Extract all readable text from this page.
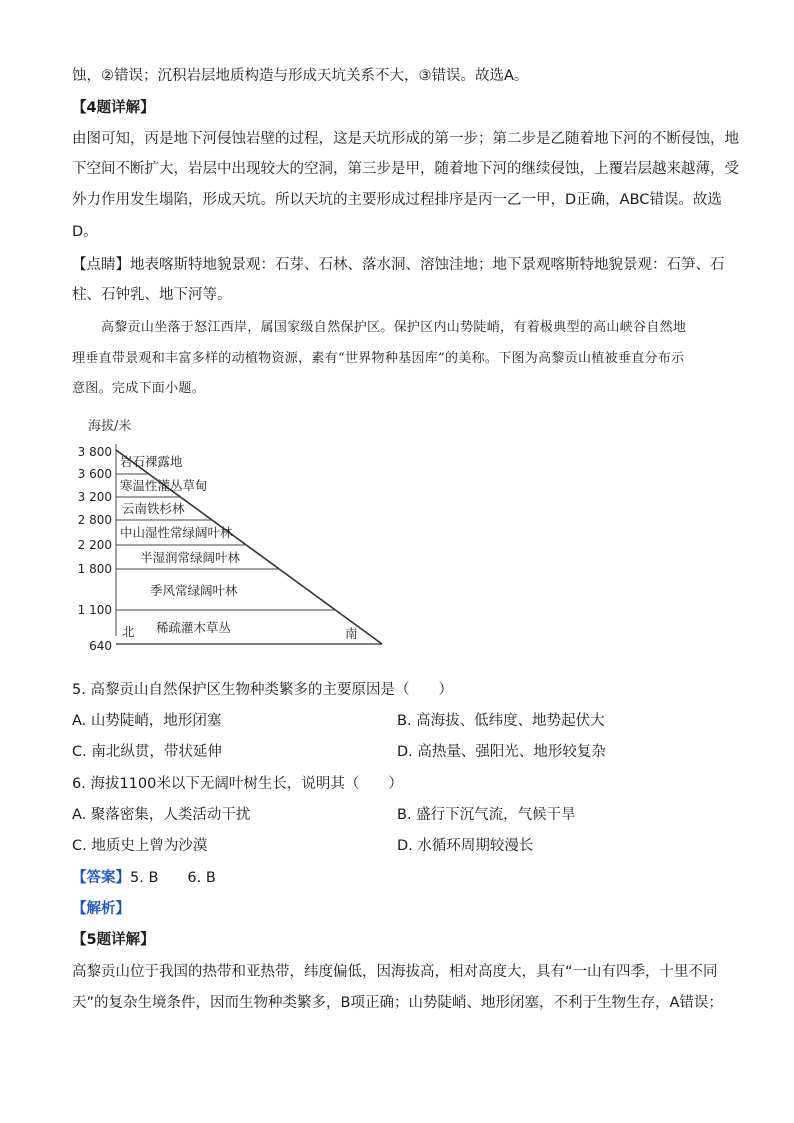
蚀，②错误；沉积岩层地质构造与形成天坑关系不大，③错误。故选A。
【4题详解】
由图可知，丙是地下河侵蚀岩壁的过程，这是天坑形成的第一步；第二步是乙随着地下河的不断侵蚀，地
下空间不断扩大，岩层中出现较大的空洞，第三步是甲，随着地下河的继续侵蚀，上覆岩层越来越薄，受
外力作用发生塌陷，形成天坑。所以天坑的主要形成过程排序是丙一乙一甲，D正确，ABC错误。故选
D。
【点睛】地表喀斯特地貌景观：石芽、石林、落水洞、溶蚀洼地；地下景观喀斯特地貌景观：石笋、石
柱、石钟乳、地下河等。
高黎贡山坐落于怒江西岸，属国家级自然保护区。保护区内山势陡峭，有着极典型的高山峡谷自然地
理垂直带景观和丰富多样的动植物资源，素有“世界物种基因库”的美称。下图为高黎贡山植被垂直分布示
意图。完成下面小题。
海拔/米
3 800
3 600
3 200
2 800
2 200
1 800
1 100
640
岩石裸露地
寒温性灌丛草甸
云南铁杉林
中山湿性常绿阔叶林
半湿润常绿阔叶林
季风常绿阔叶林
稀疏灌木草丛
北	南
5. 高黎贡山自然保护区生物种类繁多的主要原因是（　　）
A. 山势陡峭，地形闭塞	B. 高海拔、低纬度、地势起伏大
C. 南北纵贯，带状延伸	D. 高热量、强阳光、地形较复杂
6. 海拔1100米以下无阔叶树生长，说明其（　　）
A. 聚落密集，人类活动干扰	B. 盛行下沉气流，气候干旱
C. 地质史上曾为沙漠	D. 水循环周期较漫长
【答案】5. B　　6. B
【解析】
【5题详解】
高黎贡山位于我国的热带和亚热带，纬度偏低，因海拔高，相对高度大，具有“一山有四季，十里不同
天”的复杂生境条件，因而生物种类繁多，B项正确；山势陡峭、地形闭塞，不利于生物生存，A错误；
